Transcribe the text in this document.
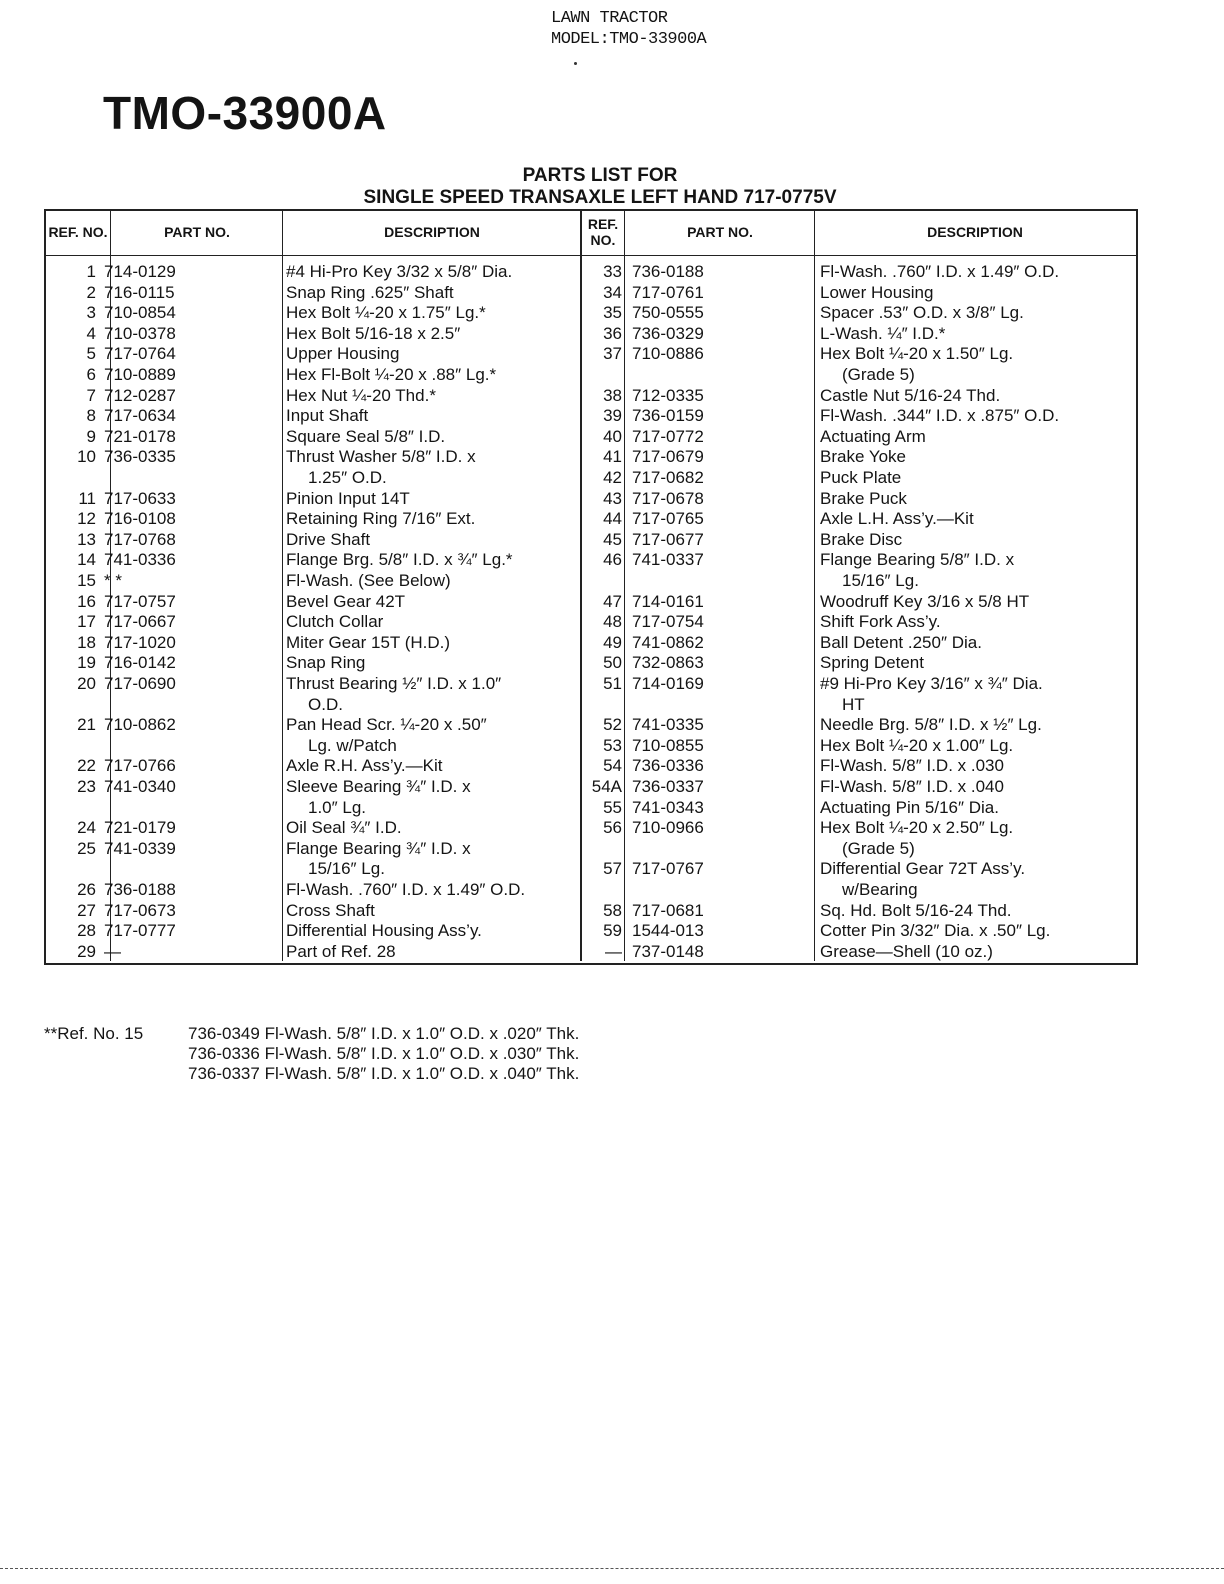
LAWN TRACTOR
MODEL:TMO-33900A
TMO-33900A
PARTS LIST FOR
SINGLE SPEED TRANSAXLE LEFT HAND 717-0775V
REF. NO.	PART NO.	DESCRIPTION	REF. NO.	PART NO.	DESCRIPTION
1 714-0129	#4 Hi-Pro Key 3/32 x 5/8″ Dia.
2 716-0115	Snap Ring .625″ Shaft
3 710-0854	Hex Bolt ¼-20 x 1.75″ Lg.*
4 710-0378	Hex Bolt 5/16-18 x 2.5″
5 717-0764	Upper Housing
6 710-0889	Hex Fl-Bolt ¼-20 x .88″ Lg.*
7 712-0287	Hex Nut ¼-20 Thd.*
8 717-0634	Input Shaft
9 721-0178	Square Seal 5/8″ I.D.
10 736-0335	Thrust Washer 5/8″ I.D. x
1.25″ O.D.
11 717-0633	Pinion Input 14T
12 716-0108	Retaining Ring 7/16″ Ext.
13 717-0768	Drive Shaft
14 741-0336	Flange Brg. 5/8″ I.D. x ¾″ Lg.*
15 * *	Fl-Wash. (See Below)
16 717-0757	Bevel Gear 42T
17 717-0667	Clutch Collar
18 717-1020	Miter Gear 15T (H.D.)
19 716-0142	Snap Ring
20 717-0690	Thrust Bearing ½″ I.D. x 1.0″
O.D.
21 710-0862	Pan Head Scr. ¼-20 x .50″
Lg. w/Patch
22 717-0766	Axle R.H. Ass’y.—Kit
23 741-0340	Sleeve Bearing ¾″ I.D. x
1.0″ Lg.
24 721-0179	Oil Seal ¾″ I.D.
25 741-0339	Flange Bearing ¾″ I.D. x
15/16″ Lg.
26 736-0188	Fl-Wash. .760″ I.D. x 1.49″ O.D.
27 717-0673	Cross Shaft
28 717-0777	Differential Housing Ass’y.
29 —	Part of Ref. 28
33 736-0188	Fl-Wash. .760″ I.D. x 1.49″ O.D.
34 717-0761	Lower Housing
35 750-0555	Spacer .53″ O.D. x 3/8″ Lg.
36 736-0329	L-Wash. ¼″ I.D.*
37 710-0886	Hex Bolt ¼-20 x 1.50″ Lg.
(Grade 5)
38 712-0335	Castle Nut 5/16-24 Thd.
39 736-0159	Fl-Wash. .344″ I.D. x .875″ O.D.
40 717-0772	Actuating Arm
41 717-0679	Brake Yoke
42 717-0682	Puck Plate
43 717-0678	Brake Puck
44 717-0765	Axle L.H. Ass’y.—Kit
45 717-0677	Brake Disc
46 741-0337	Flange Bearing 5/8″ I.D. x
15/16″ Lg.
47 714-0161	Woodruff Key 3/16 x 5/8 HT
48 717-0754	Shift Fork Ass’y.
49 741-0862	Ball Detent .250″ Dia.
50 732-0863	Spring Detent
51 714-0169	#9 Hi-Pro Key 3/16″ x ¾″ Dia.
HT
52 741-0335	Needle Brg. 5/8″ I.D. x ½″ Lg.
53 710-0855	Hex Bolt ¼-20 x 1.00″ Lg.
54 736-0336	Fl-Wash. 5/8″ I.D. x .030
54A 736-0337	Fl-Wash. 5/8″ I.D. x .040
55 741-0343	Actuating Pin 5/16″ Dia.
56 710-0966	Hex Bolt ¼-20 x 2.50″ Lg.
(Grade 5)
57 717-0767	Differential Gear 72T Ass’y.
w/Bearing
58 717-0681	Sq. Hd. Bolt 5/16-24 Thd.
59 1544-013	Cotter Pin 3/32″ Dia. x .50″ Lg.
— 737-0148	Grease—Shell (10 oz.)
**Ref. No. 15	736-0349 Fl-Wash. 5/8″ I.D. x 1.0″ O.D. x .020″ Thk.
736-0336 Fl-Wash. 5/8″ I.D. x 1.0″ O.D. x .030″ Thk.
736-0337 Fl-Wash. 5/8″ I.D. x 1.0″ O.D. x .040″ Thk.
